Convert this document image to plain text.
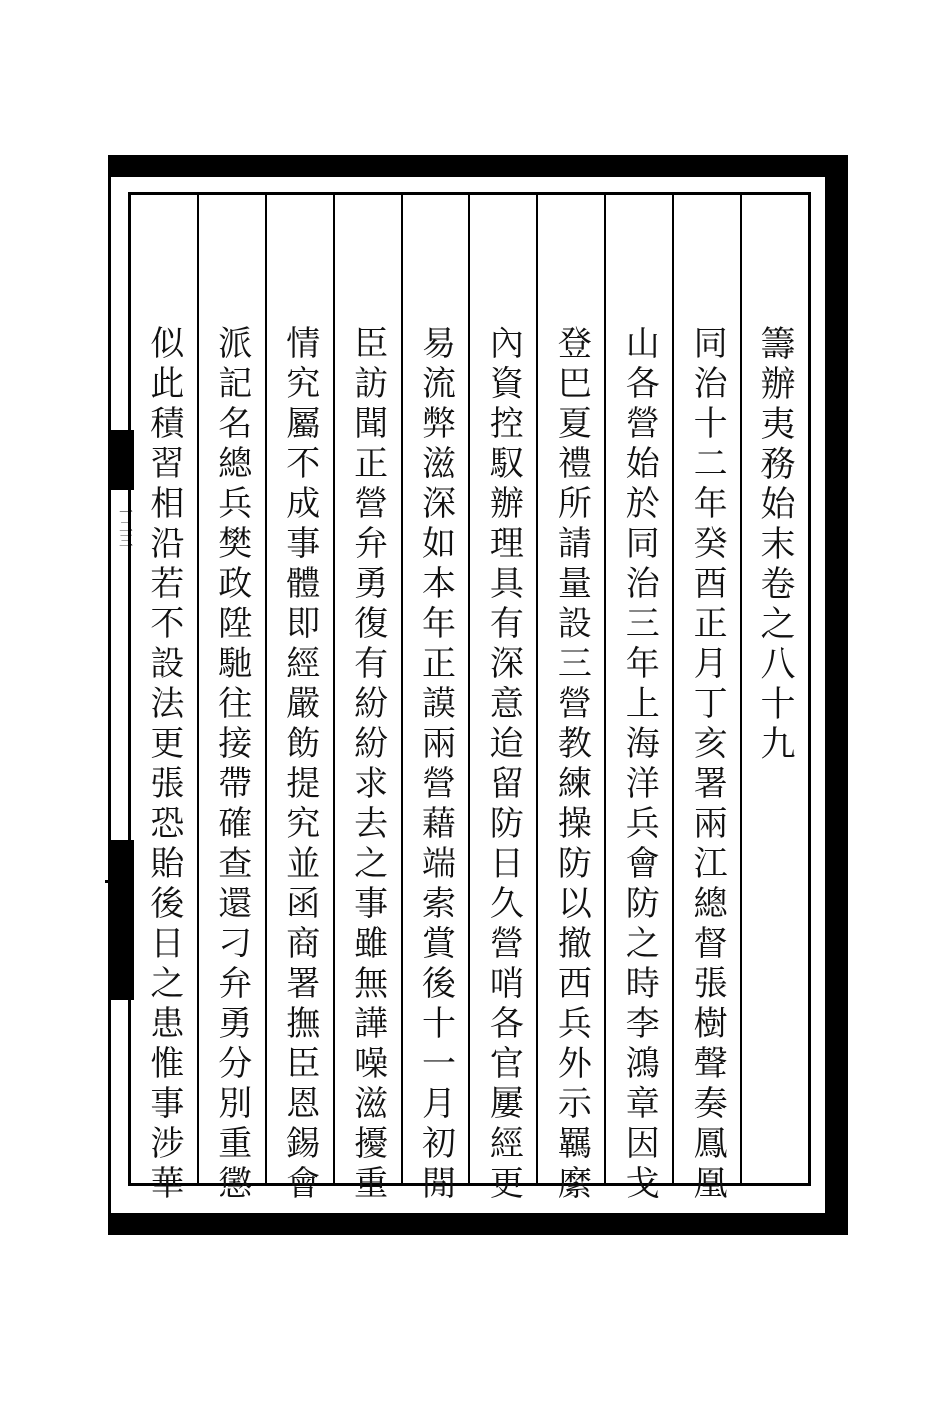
一二三	籌辦夷務始末卷之八十九
同治十二年癸酉正月丁亥署兩江總督張樹聲奏鳳凰
山各營始於同治三年上海洋兵會防之時李鴻章因戈
登巴夏禮所請量設三營教練操防以撤西兵外示羈縻
內資控馭辦理具有深意迨留防日久營哨各官屢經更
易流弊滋深如本年正謨兩營藉端索賞後十一月初閒
臣訪聞正營弁勇復有紛紛求去之事雖無譁噪滋擾重
情究屬不成事體即經嚴飭提究並函商署撫臣恩錫會
派記名總兵樊政陞馳往接帶確查還刁弁勇分別重懲
似此積習相沿若不設法更張恐貽後日之患惟事涉華
